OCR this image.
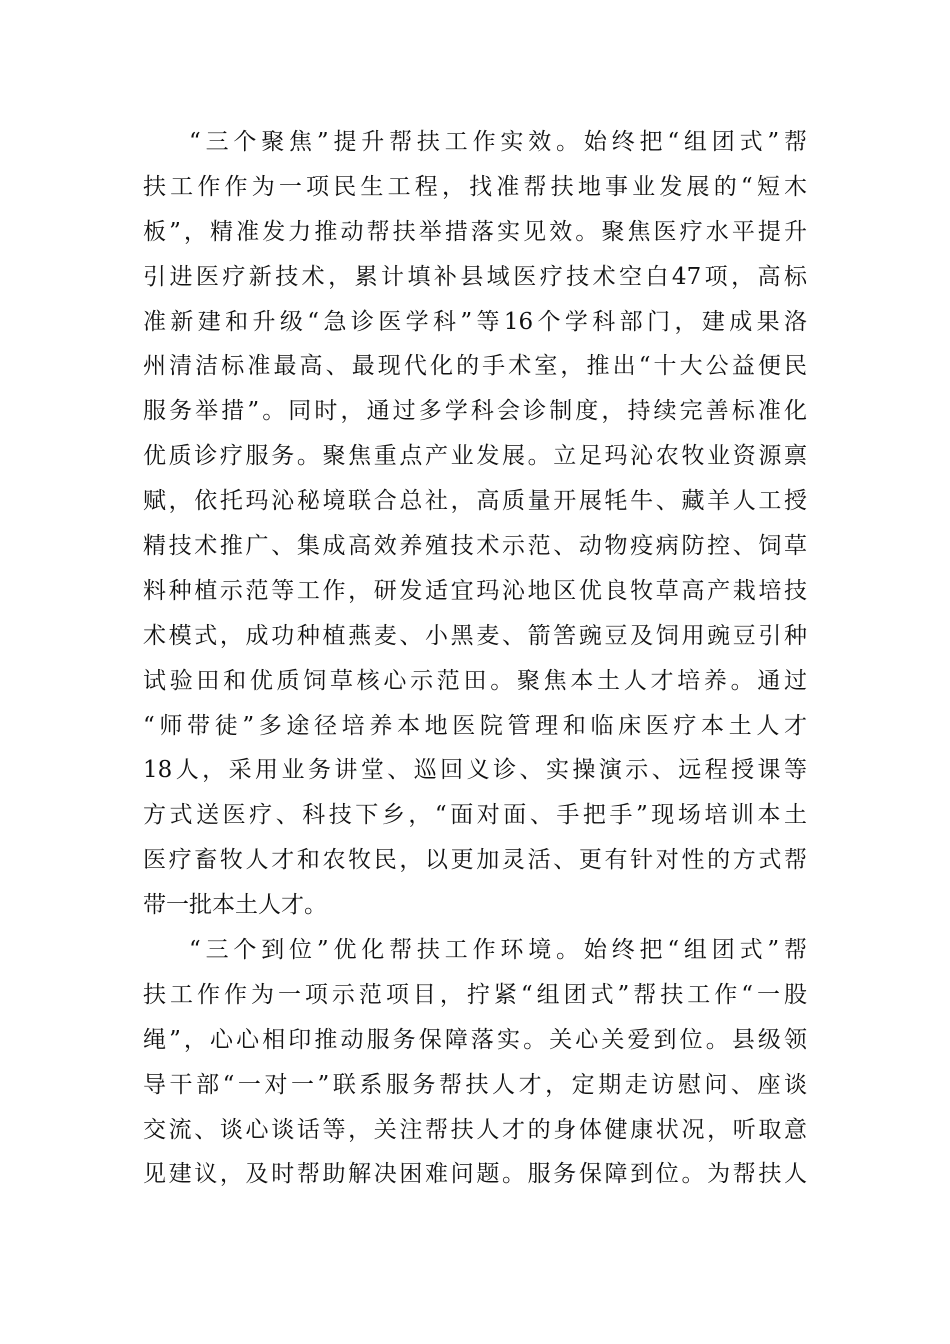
“三个聚焦”提升帮扶工作实效。始终把“组团式”帮
扶工作作为一项民生工程，找准帮扶地事业发展的“短木
板”，精准发力推动帮扶举措落实见效。聚焦医疗水平提升
引进医疗新技术，累计填补县域医疗技术空白47项，高标
准新建和升级“急诊医学科”等16个学科部门，建成果洛
州清洁标准最高、最现代化的手术室，推出“十大公益便民
服务举措”。同时，通过多学科会诊制度，持续完善标准化
优质诊疗服务。聚焦重点产业发展。立足玛沁农牧业资源禀
赋，依托玛沁秘境联合总社，高质量开展牦牛、藏羊人工授
精技术推广、集成高效养殖技术示范、动物疫病防控、饲草
料种植示范等工作，研发适宜玛沁地区优良牧草高产栽培技
术模式，成功种植燕麦、小黑麦、箭筈豌豆及饲用豌豆引种
试验田和优质饲草核心示范田。聚焦本土人才培养。通过
“师带徒”多途径培养本地医院管理和临床医疗本土人才
18人，采用业务讲堂、巡回义诊、实操演示、远程授课等
方式送医疗、科技下乡，“面对面、手把手”现场培训本土
医疗畜牧人才和农牧民，以更加灵活、更有针对性的方式帮
带一批本土人才。
“三个到位”优化帮扶工作环境。始终把“组团式”帮
扶工作作为一项示范项目，拧紧“组团式”帮扶工作“一股
绳”，心心相印推动服务保障落实。关心关爱到位。县级领
导干部“一对一”联系服务帮扶人才，定期走访慰问、座谈
交流、谈心谈话等，关注帮扶人才的身体健康状况，听取意
见建议，及时帮助解决困难问题。服务保障到位。为帮扶人
